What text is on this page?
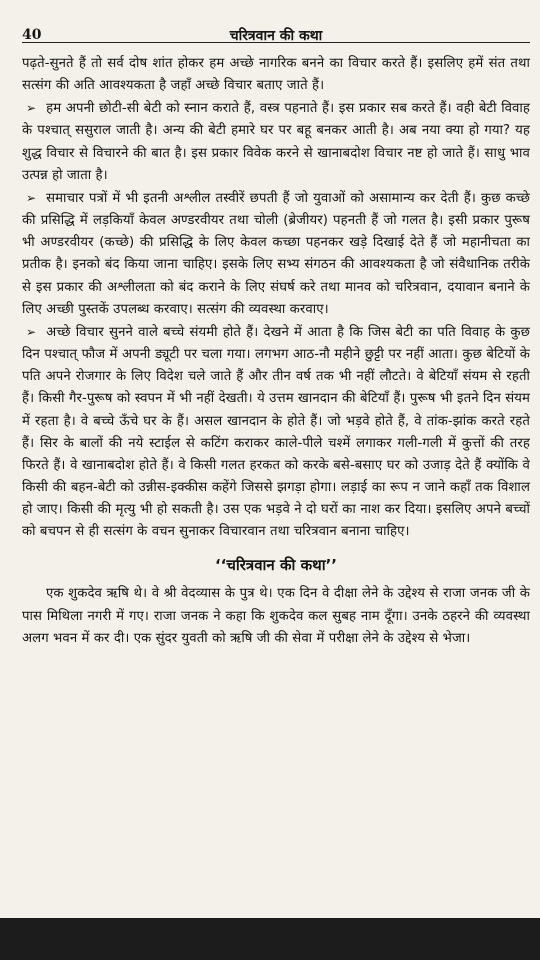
40	चरित्रवान की कथा

पढ़ते-सुनते हैं तो सर्व दोष शांत होकर हम अच्छे नागरिक बनने का विचार करते हैं। इसलिए हमें संत तथा सत्संग की अति आवश्यकता है जहाँ अच्छे विचार बताए जाते हैं।

➢ हम अपनी छोटी-सी बेटी को स्नान कराते हैं, वस्त्र पहनाते हैं। इस प्रकार सब करते हैं। वही बेटी विवाह के पश्चात् ससुराल जाती है। अन्य की बेटी हमारे घर पर बहू बनकर आती है। अब नया क्या हो गया? यह शुद्ध विचार से विचारने की बात है। इस प्रकार विवेक करने से खानाबदोश विचार नष्ट हो जाते हैं। साधु भाव उत्पन्न हो जाता है।

➢ समाचार पत्रों में भी इतनी अश्लील तस्वीरें छपती हैं जो युवाओं को असामान्य कर देती हैं। कुछ कच्छे की प्रसिद्धि में लड़कियाँ केवल अण्डरवीयर तथा चोली (ब्रेजीयर) पहनती हैं जो गलत है। इसी प्रकार पुरूष भी अण्डरवीयर (कच्छे) की प्रसिद्धि के लिए केवल कच्छा पहनकर खड़े दिखाई देते हैं जो महानीचता का प्रतीक है। इनको बंद किया जाना चाहिए। इसके लिए सभ्य संगठन की आवश्यकता है जो संवैधानिक तरीके से इस प्रकार की अश्लीलता को बंद कराने के लिए संघर्ष करे तथा मानव को चरित्रवान, दयावान बनाने के लिए अच्छी पुस्तकें उपलब्ध करवाए। सत्संग की व्यवस्था करवाए।

➢ अच्छे विचार सुनने वाले बच्चे संयमी होते हैं। देखने में आता है कि जिस बेटी का पति विवाह के कुछ दिन पश्चात् फौज में अपनी ड्यूटी पर चला गया। लगभग आठ-नौ महीने छुट्टी पर नहीं आता। कुछ बेटियों के पति अपने रोजगार के लिए विदेश चले जाते हैं और तीन वर्ष तक भी नहीं लौटते। वे बेटियाँ संयम से रहती हैं। किसी गैर-पुरूष को स्वपन में भी नहीं देखती। ये उत्तम खानदान की बेटियाँ हैं। पुरूष भी इतने दिन संयम में रहता है। वे बच्चे ऊँचे घर के हैं। असल खानदान के होते हैं। जो भड़वे होते हैं, वे तांक-झांक करते रहते हैं। सिर के बालों की नये स्टाईल से कटिंग कराकर काले-पीले चश्में लगाकर गली-गली में कुत्तों की तरह फिरते हैं। वे खानाबदोश होते हैं। वे किसी गलत हरकत को करके बसे-बसाए घर को उजाड़ देते हैं क्योंकि वे किसी की बहन-बेटी को उन्नीस-इक्कीस कहेंगे जिससे झगड़ा होगा। लड़ाई का रूप न जाने कहाँ तक विशाल हो जाए। किसी की मृत्यु भी हो सकती है। उस एक भड़वे ने दो घरों का नाश कर दिया। इसलिए अपने बच्चों को बचपन से ही सत्संग के वचन सुनाकर विचारवान तथा चरित्रवान बनाना चाहिए।

‘‘चरित्रवान की कथा’’

एक शुकदेव ऋषि थे। वे श्री वेदव्यास के पुत्र थे। एक दिन वे दीक्षा लेने के उद्देश्य से राजा जनक जी के पास मिथिला नगरी में गए। राजा जनक ने कहा कि शुकदेव कल सुबह नाम दूँगा। उनके ठहरने की व्यवस्था अलग भवन में कर दी। एक सुंदर युवती को ऋषि जी की सेवा में परीक्षा लेने के उद्देश्य से भेजा।
